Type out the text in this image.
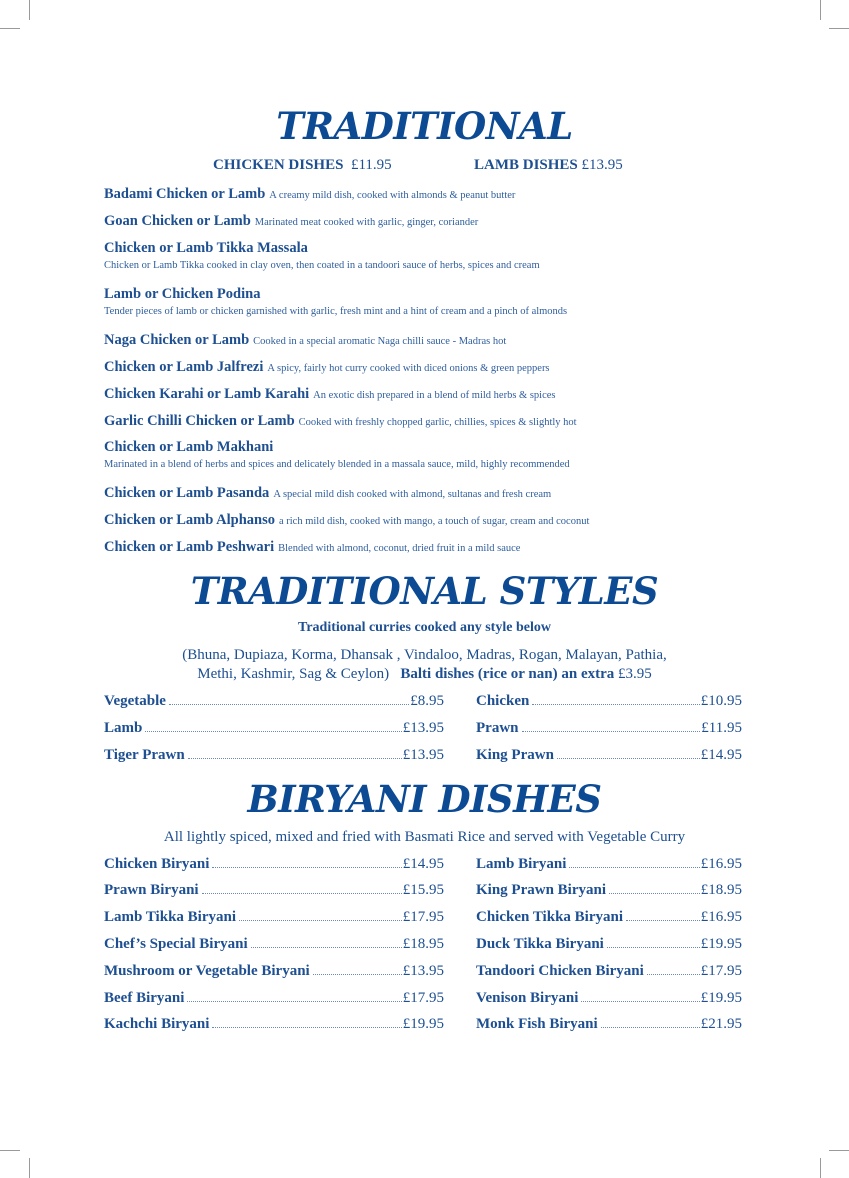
TRADITIONAL
CHICKEN DISHES £11.95	LAMB DISHES £13.95
Badami Chicken or Lamb A creamy mild dish, cooked with almonds & peanut butter
Goan Chicken or Lamb Marinated meat cooked with garlic, ginger, coriander
Chicken or Lamb Tikka Massala
Chicken or Lamb Tikka cooked in clay oven, then coated in a tandoori sauce of herbs, spices and cream
Lamb or Chicken Podina
Tender pieces of lamb or chicken garnished with garlic, fresh mint and a hint of cream and a pinch of almonds
Naga Chicken or Lamb Cooked in a special aromatic Naga chilli sauce - Madras hot
Chicken or Lamb Jalfrezi A spicy, fairly hot curry cooked with diced onions & green peppers
Chicken Karahi or Lamb Karahi An exotic dish prepared in a blend of mild herbs & spices
Garlic Chilli Chicken or Lamb Cooked with freshly chopped garlic, chillies, spices & slightly hot
Chicken or Lamb Makhani
Marinated in a blend of herbs and spices and delicately blended in a massala sauce, mild, highly recommended
Chicken or Lamb Pasanda A special mild dish cooked with almond, sultanas and fresh cream
Chicken or Lamb Alphanso a rich mild dish, cooked with mango, a touch of sugar, cream and coconut
Chicken or Lamb Peshwari Blended with almond, coconut, dried fruit in a mild sauce
TRADITIONAL STYLES
Traditional curries cooked any style below
(Bhuna, Dupiaza, Korma, Dhansak , Vindaloo, Madras, Rogan, Malayan, Pathia,
Methi, Kashmir, Sag & Ceylon) Balti dishes (rice or nan) an extra £3.95
Vegetable	£8.95
Lamb	£13.95
Tiger Prawn	£13.95
Chicken	£10.95
Prawn	£11.95
King Prawn	£14.95
BIRYANI DISHES
All lightly spiced, mixed and fried with Basmati Rice and served with Vegetable Curry
Chicken Biryani	£14.95
Prawn Biryani	£15.95
Lamb Tikka Biryani	£17.95
Chef’s Special Biryani	£18.95
Mushroom or Vegetable Biryani	£13.95
Beef Biryani	£17.95
Kachchi Biryani	£19.95
Lamb Biryani	£16.95
King Prawn Biryani	£18.95
Chicken Tikka Biryani	£16.95
Duck Tikka Biryani	£19.95
Tandoori Chicken Biryani	£17.95
Venison Biryani	£19.95
Monk Fish Biryani	£21.95
